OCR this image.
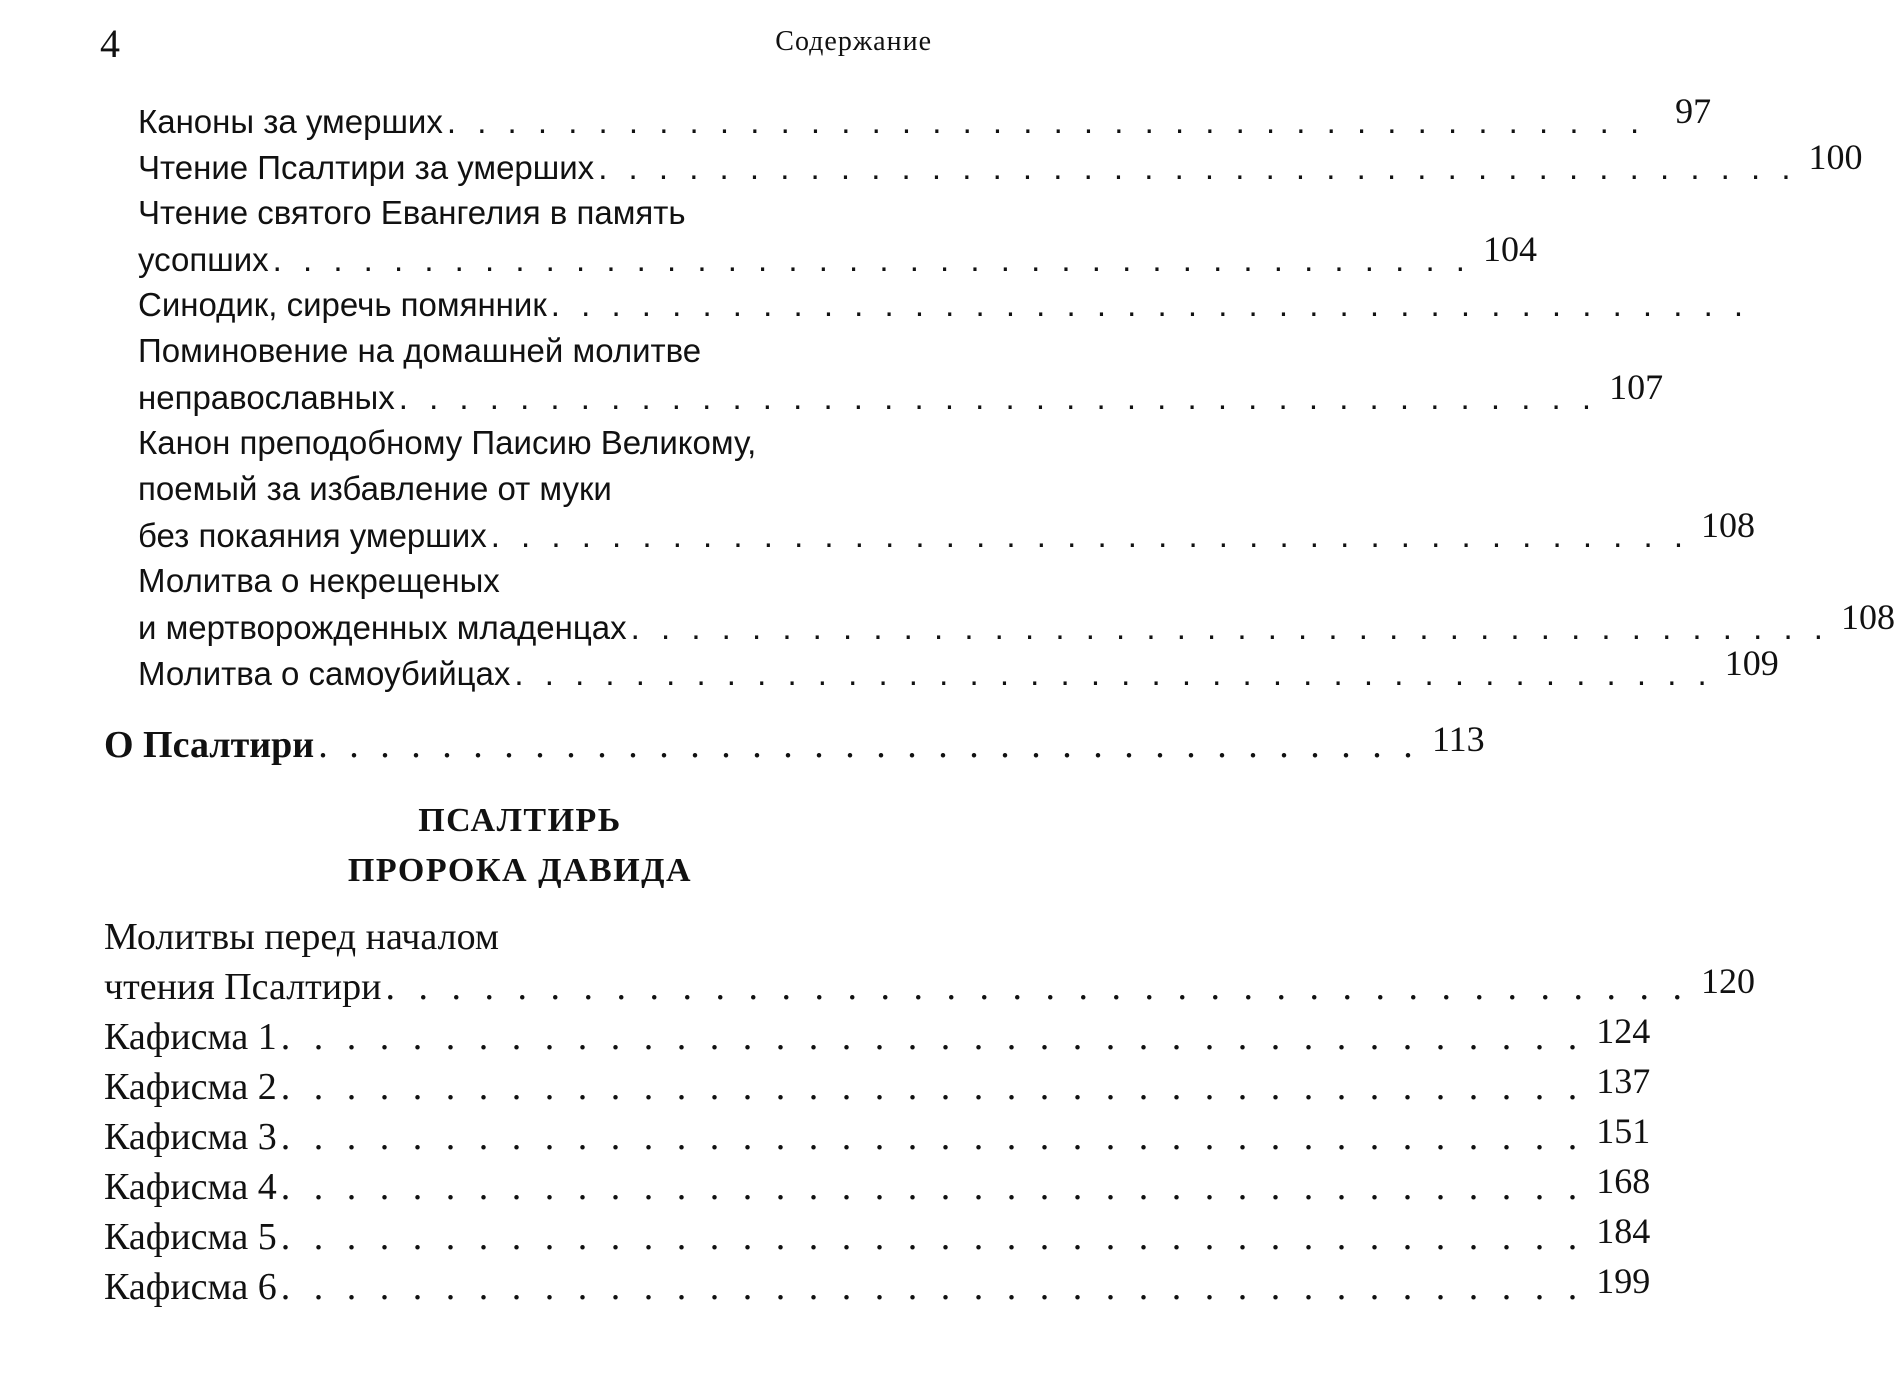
4	Содержание
Каноны за умерших . . . . . . . . . . . . . . . . . . . . . . . . . . . . . . . . . . . . . . . . 97
Чтение Псалтири за умерших . . . . . . . . . . . . . . . . . . . . . . . . . . . . . . . . . . . . . . . . 100
Чтение святого Евангелия в память
усопших . . . . . . . . . . . . . . . . . . . . . . . . . . . . . . . . . . . . . . . . 104
Синодик, сиречь помянник . . . . . . . . . . . . . . . . . . . . . . . . . . . . . . . . . . . . . . . .
Поминовение на домашней молитве
неправославных . . . . . . . . . . . . . . . . . . . . . . . . . . . . . . . . . . . . . . . . 107
Канон преподобному Паисию Великому,
поемый за избавление от муки
без покаяния умерших . . . . . . . . . . . . . . . . . . . . . . . . . . . . . . . . . . . . . . . . 108
Молитва о некрещеных
и мертворожденных младенцах . . . . . . . . . . . . . . . . . . . . . . . . . . . . . . . . . . . . . . . . 108
Молитва о самоубийцах . . . . . . . . . . . . . . . . . . . . . . . . . . . . . . . . . . . . . . . . 109
О Псалтири . . . . . . . . . . . . . . . . . . . . . . . . . . . . . . . . . . . . 113
ПСАЛТИРЬ
ПРОРОКА ДАВИДА
Молитвы перед началом
чтения Псалтири . . . . . . . . . . . . . . . . . . . . . . . . . . . . . . . . . . . . . . . . 120
Кафисма 1 . . . . . . . . . . . . . . . . . . . . . . . . . . . . . . . . . . . . . . . . 124
Кафисма 2 . . . . . . . . . . . . . . . . . . . . . . . . . . . . . . . . . . . . . . . . 137
Кафисма 3 . . . . . . . . . . . . . . . . . . . . . . . . . . . . . . . . . . . . . . . . 151
Кафисма 4 . . . . . . . . . . . . . . . . . . . . . . . . . . . . . . . . . . . . . . . . 168
Кафисма 5 . . . . . . . . . . . . . . . . . . . . . . . . . . . . . . . . . . . . . . . . 184
Кафисма 6 . . . . . . . . . . . . . . . . . . . . . . . . . . . . . . . . . . . . . . . . 199
